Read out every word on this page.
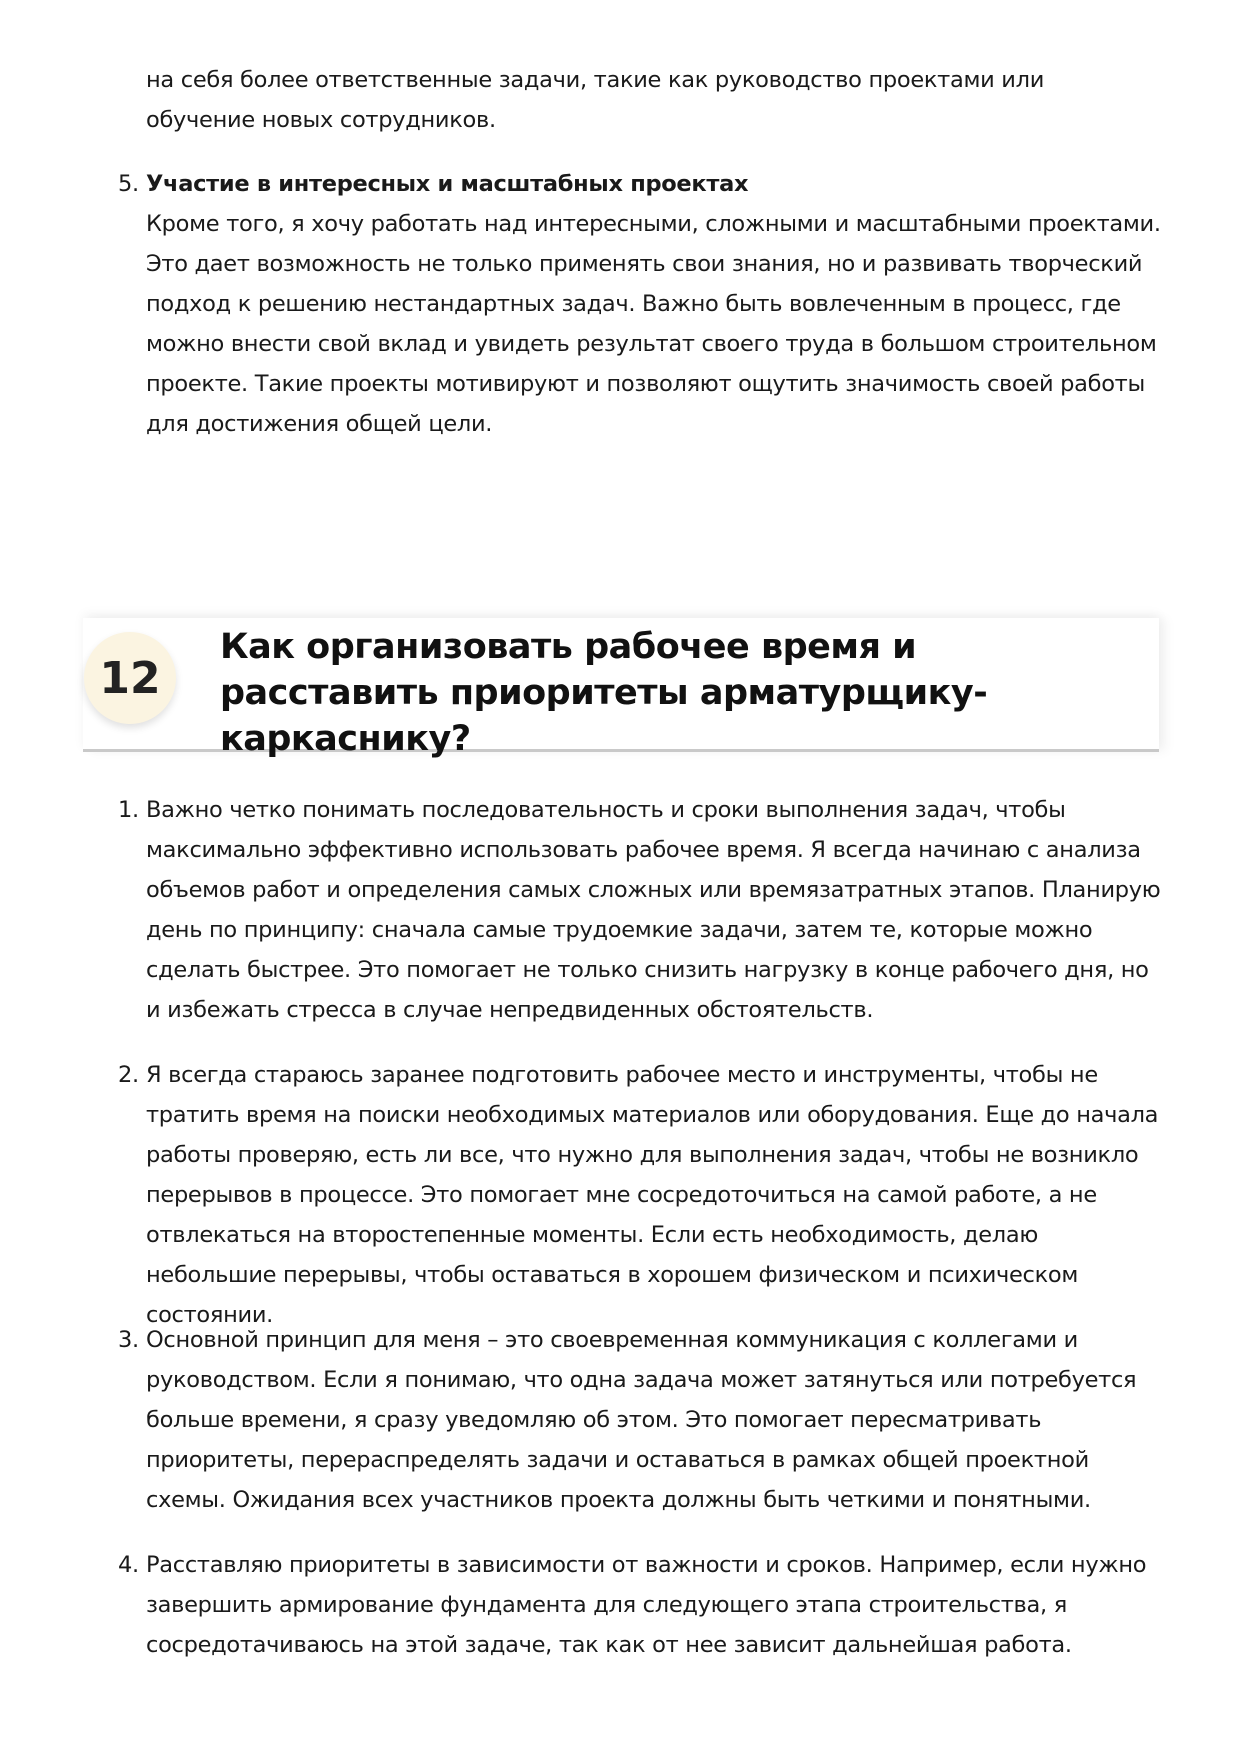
на себя более ответственные задачи, такие как руководство проектами или обучение новых сотрудников.
5. Участие в интересных и масштабных проектах
Кроме того, я хочу работать над интересными, сложными и масштабными проектами. Это дает возможность не только применять свои знания, но и развивать творческий подход к решению нестандартных задач. Важно быть вовлеченным в процесс, где можно внести свой вклад и увидеть результат своего труда в большом строительном проекте. Такие проекты мотивируют и позволяют ощутить значимость своей работы для достижения общей цели.
12
Как организовать рабочее время и расставить приоритеты арматурщику-каркаснику?
1. Важно четко понимать последовательность и сроки выполнения задач, чтобы максимально эффективно использовать рабочее время. Я всегда начинаю с анализа объемов работ и определения самых сложных или времязатратных этапов. Планирую день по принципу: сначала самые трудоемкие задачи, затем те, которые можно сделать быстрее. Это помогает не только снизить нагрузку в конце рабочего дня, но и избежать стресса в случае непредвиденных обстоятельств.
2. Я всегда стараюсь заранее подготовить рабочее место и инструменты, чтобы не тратить время на поиски необходимых материалов или оборудования. Еще до начала работы проверяю, есть ли все, что нужно для выполнения задач, чтобы не возникло перерывов в процессе. Это помогает мне сосредоточиться на самой работе, а не отвлекаться на второстепенные моменты. Если есть необходимость, делаю небольшие перерывы, чтобы оставаться в хорошем физическом и психическом состоянии.
3. Основной принцип для меня – это своевременная коммуникация с коллегами и руководством. Если я понимаю, что одна задача может затянуться или потребуется больше времени, я сразу уведомляю об этом. Это помогает пересматривать приоритеты, перераспределять задачи и оставаться в рамках общей проектной схемы. Ожидания всех участников проекта должны быть четкими и понятными.
4. Расставляю приоритеты в зависимости от важности и сроков. Например, если нужно завершить армирование фундамента для следующего этапа строительства, я сосредотачиваюсь на этой задаче, так как от нее зависит дальнейшая работа.
